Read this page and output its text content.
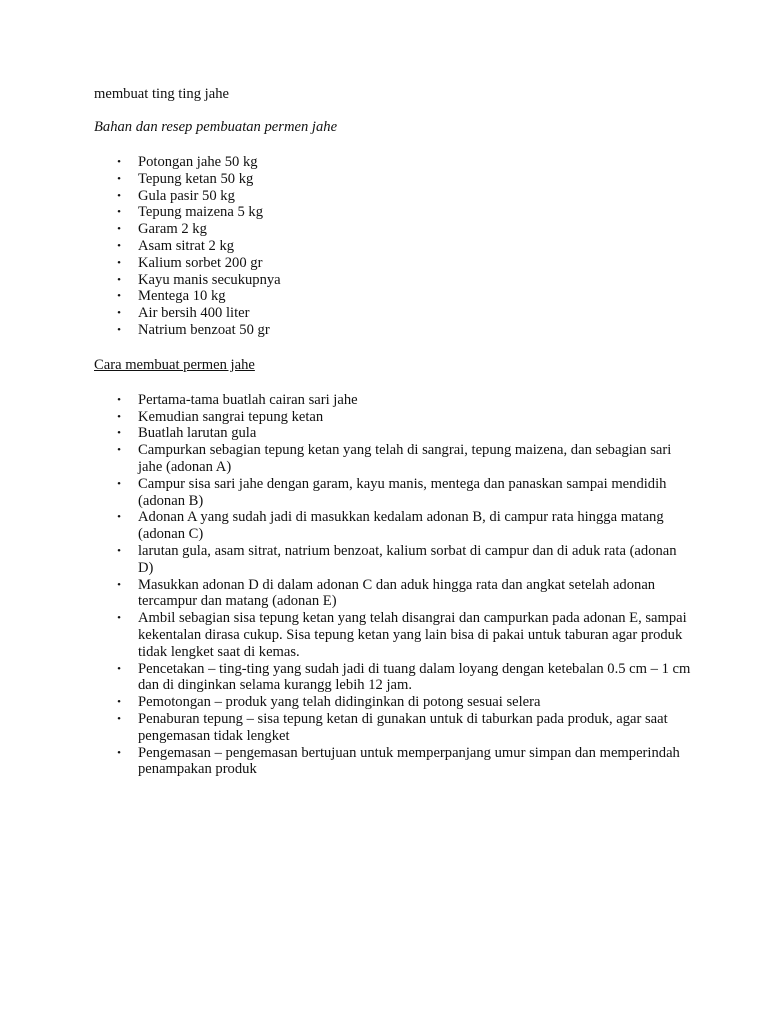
membuat ting ting jahe

Bahan dan resep pembuatan permen jahe

• Potongan jahe 50 kg
• Tepung ketan 50 kg
• Gula pasir 50 kg
• Tepung maizena 5 kg
• Garam 2 kg
• Asam sitrat 2 kg
• Kalium sorbet 200 gr
• Kayu manis secukupnya
• Mentega 10 kg
• Air bersih 400 liter
• Natrium benzoat 50 gr

Cara membuat permen jahe

• Pertama-tama buatlah cairan sari jahe
• Kemudian sangrai tepung ketan
• Buatlah larutan gula
• Campurkan sebagian tepung ketan yang telah di sangrai, tepung maizena, dan sebagian sari jahe (adonan A)
• Campur sisa sari jahe dengan garam, kayu manis, mentega dan panaskan sampai mendidih (adonan B)
• Adonan A yang sudah jadi di masukkan kedalam adonan B, di campur rata hingga matang (adonan C)
• larutan gula, asam sitrat, natrium benzoat, kalium sorbat di campur dan di aduk rata (adonan D)
• Masukkan adonan D di dalam adonan C dan aduk hingga rata dan angkat setelah adonan tercampur dan matang (adonan E)
• Ambil sebagian sisa tepung ketan yang telah disangrai dan campurkan pada adonan E, sampai kekentalan dirasa cukup. Sisa tepung ketan yang lain bisa di pakai untuk taburan agar produk tidak lengket saat di kemas.
• Pencetakan – ting-ting yang sudah jadi di tuang dalam loyang dengan ketebalan 0.5 cm – 1 cm dan di dinginkan selama kurangg lebih 12 jam.
• Pemotongan – produk yang telah didinginkan di potong sesuai selera
• Penaburan tepung – sisa tepung ketan di gunakan untuk di taburkan pada produk, agar saat pengemasan tidak lengket
• Pengemasan – pengemasan bertujuan untuk memperpanjang umur simpan dan memperindah penampakan produk
